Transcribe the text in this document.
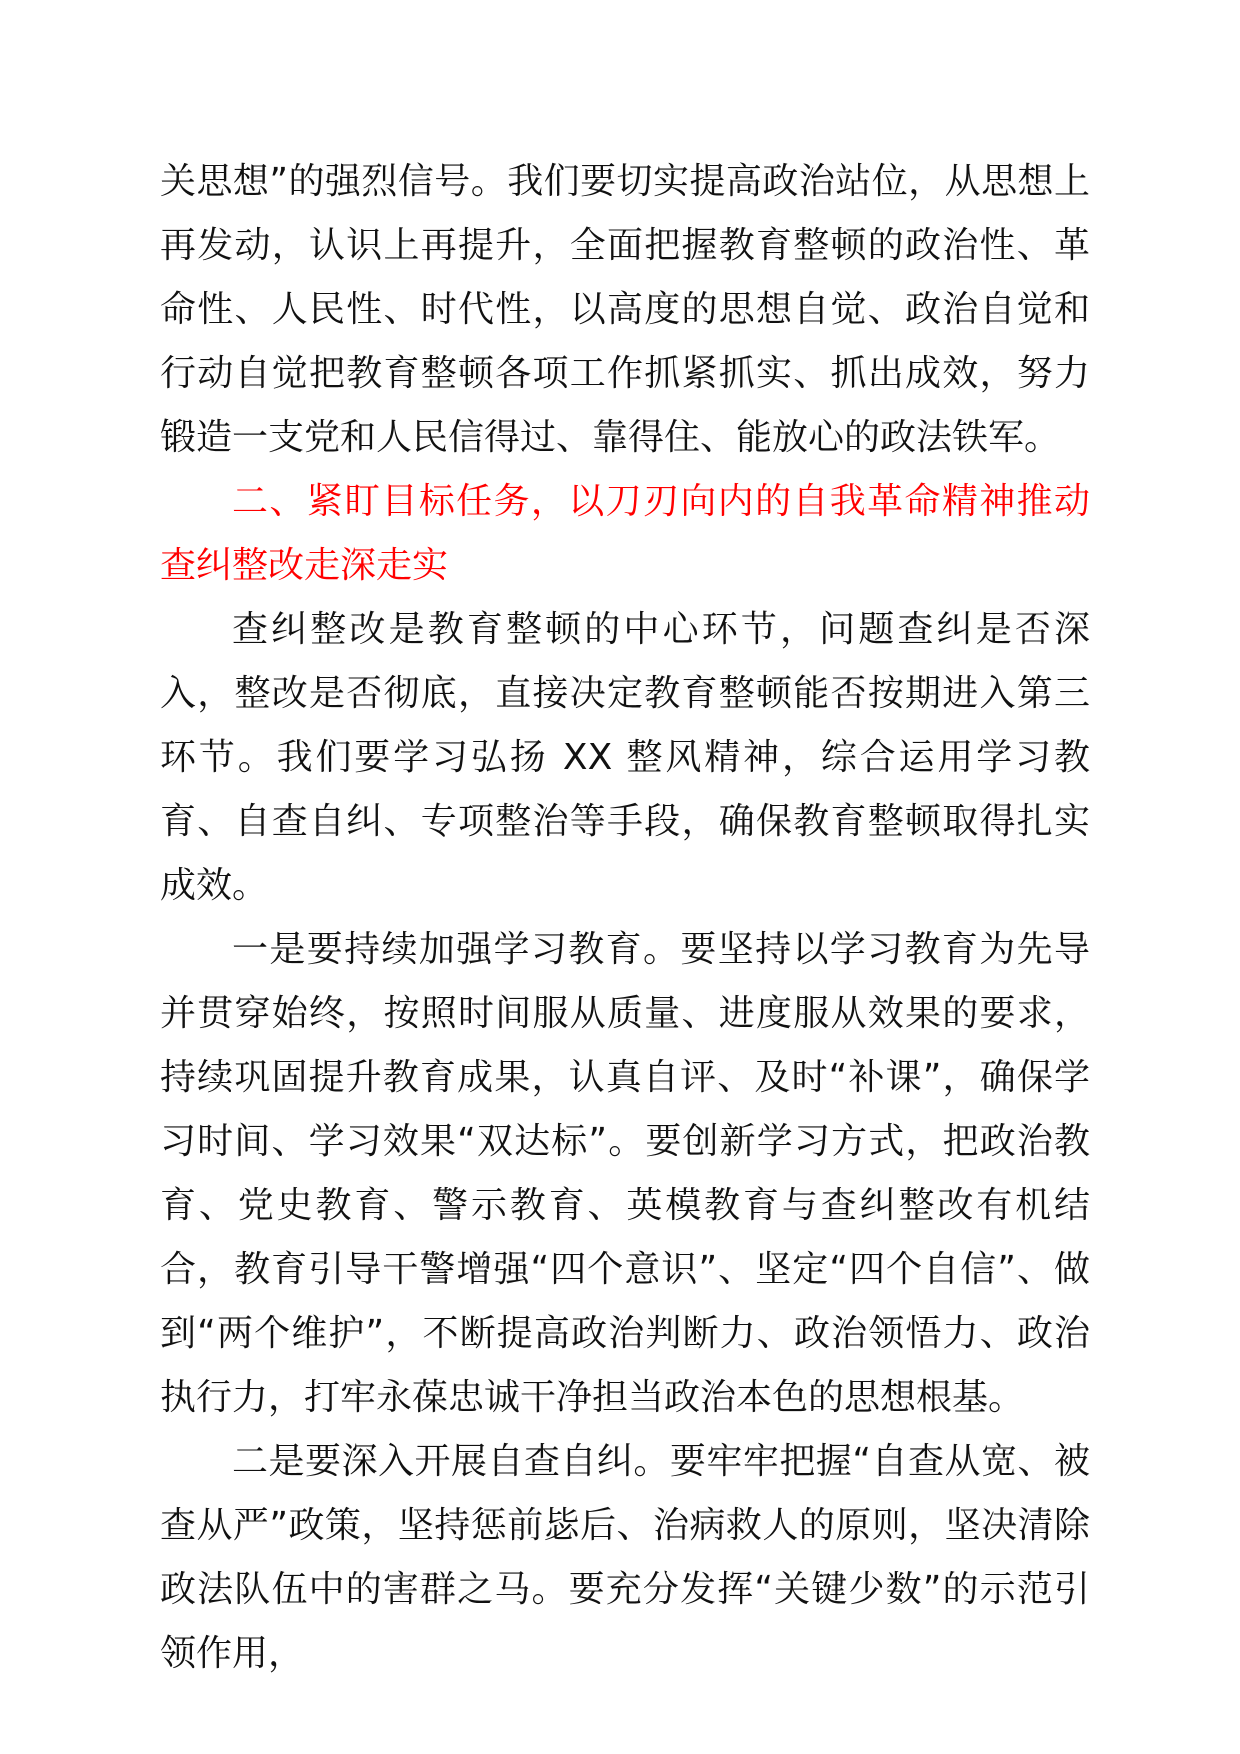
关思想”的强烈信号。我们要切实提高政治站位，从思想上再发动，认识上再提升，全面把握教育整顿的政治性、革命性、人民性、时代性，以高度的思想自觉、政治自觉和行动自觉把教育整顿各项工作抓紧抓实、抓出成效，努力锻造一支党和人民信得过、靠得住、能放心的政法铁军。

二、紧盯目标任务，以刀刃向内的自我革命精神推动查纠整改走深走实

查纠整改是教育整顿的中心环节，问题查纠是否深入，整改是否彻底，直接决定教育整顿能否按期进入第三环节。我们要学习弘扬 XX 整风精神，综合运用学习教育、自查自纠、专项整治等手段，确保教育整顿取得扎实成效。

一是要持续加强学习教育。要坚持以学习教育为先导并贯穿始终，按照时间服从质量、进度服从效果的要求，持续巩固提升教育成果，认真自评、及时“补课”，确保学习时间、学习效果“双达标”。要创新学习方式，把政治教育、党史教育、警示教育、英模教育与查纠整改有机结合，教育引导干警增强“四个意识”、坚定“四个自信”、做到“两个维护”，不断提高政治判断力、政治领悟力、政治执行力，打牢永葆忠诚干净担当政治本色的思想根基。

二是要深入开展自查自纠。要牢牢把握“自查从宽、被查从严”政策，坚持惩前毖后、治病救人的原则，坚决清除政法队伍中的害群之马。要充分发挥“关键少数”的示范引领作用，
